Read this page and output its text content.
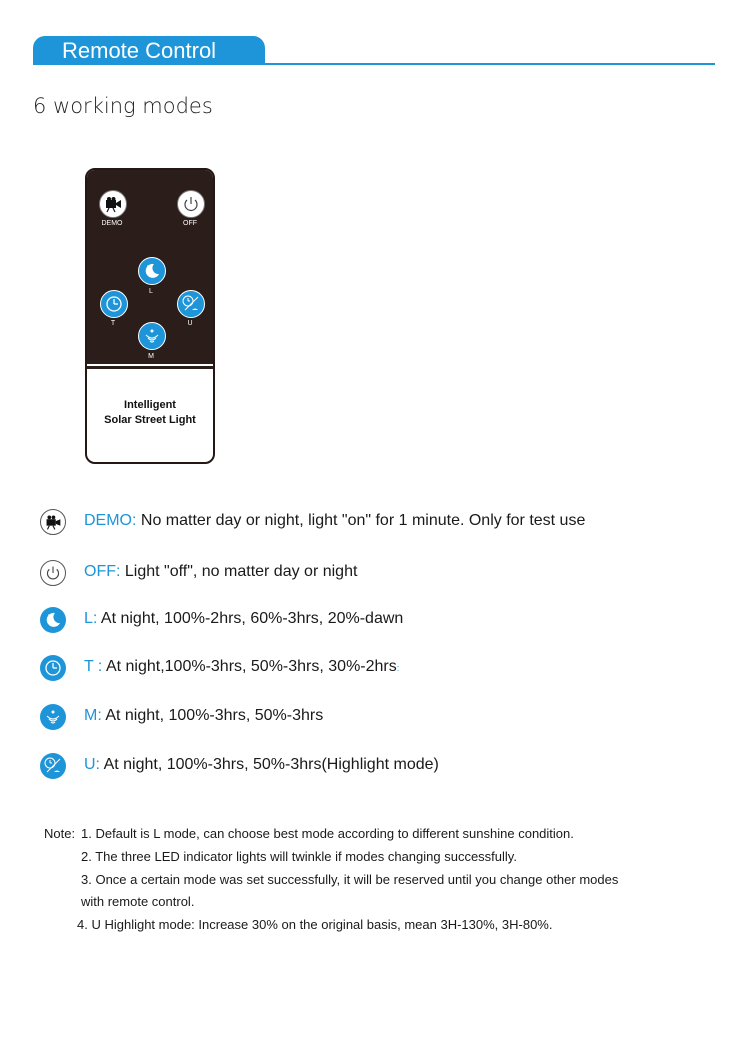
Remote Control
6 working modes
DEMO	OFF
L
T	U
M
Intelligent
Solar Street Light
DEMO: No matter day or night, light "on" for 1 minute. Only for test use
OFF: Light "off", no matter day or night
L: At night, 100%-2hrs, 60%-3hrs, 20%-dawn
T : At night,100%-3hrs, 50%-3hrs, 30%-2hrs:
M: At night, 100%-3hrs, 50%-3hrs
U: At night, 100%-3hrs, 50%-3hrs(Highlight mode)
Note: 1. Default is L mode, can choose best mode according to different sunshine condition.
2. The three LED indicator lights will twinkle if modes changing successfully.
3. Once a certain mode was set successfully, it will be reserved until you change other modes
with remote control.
4. U Highlight mode: Increase 30% on the original basis, mean 3H-130%, 3H-80%.
